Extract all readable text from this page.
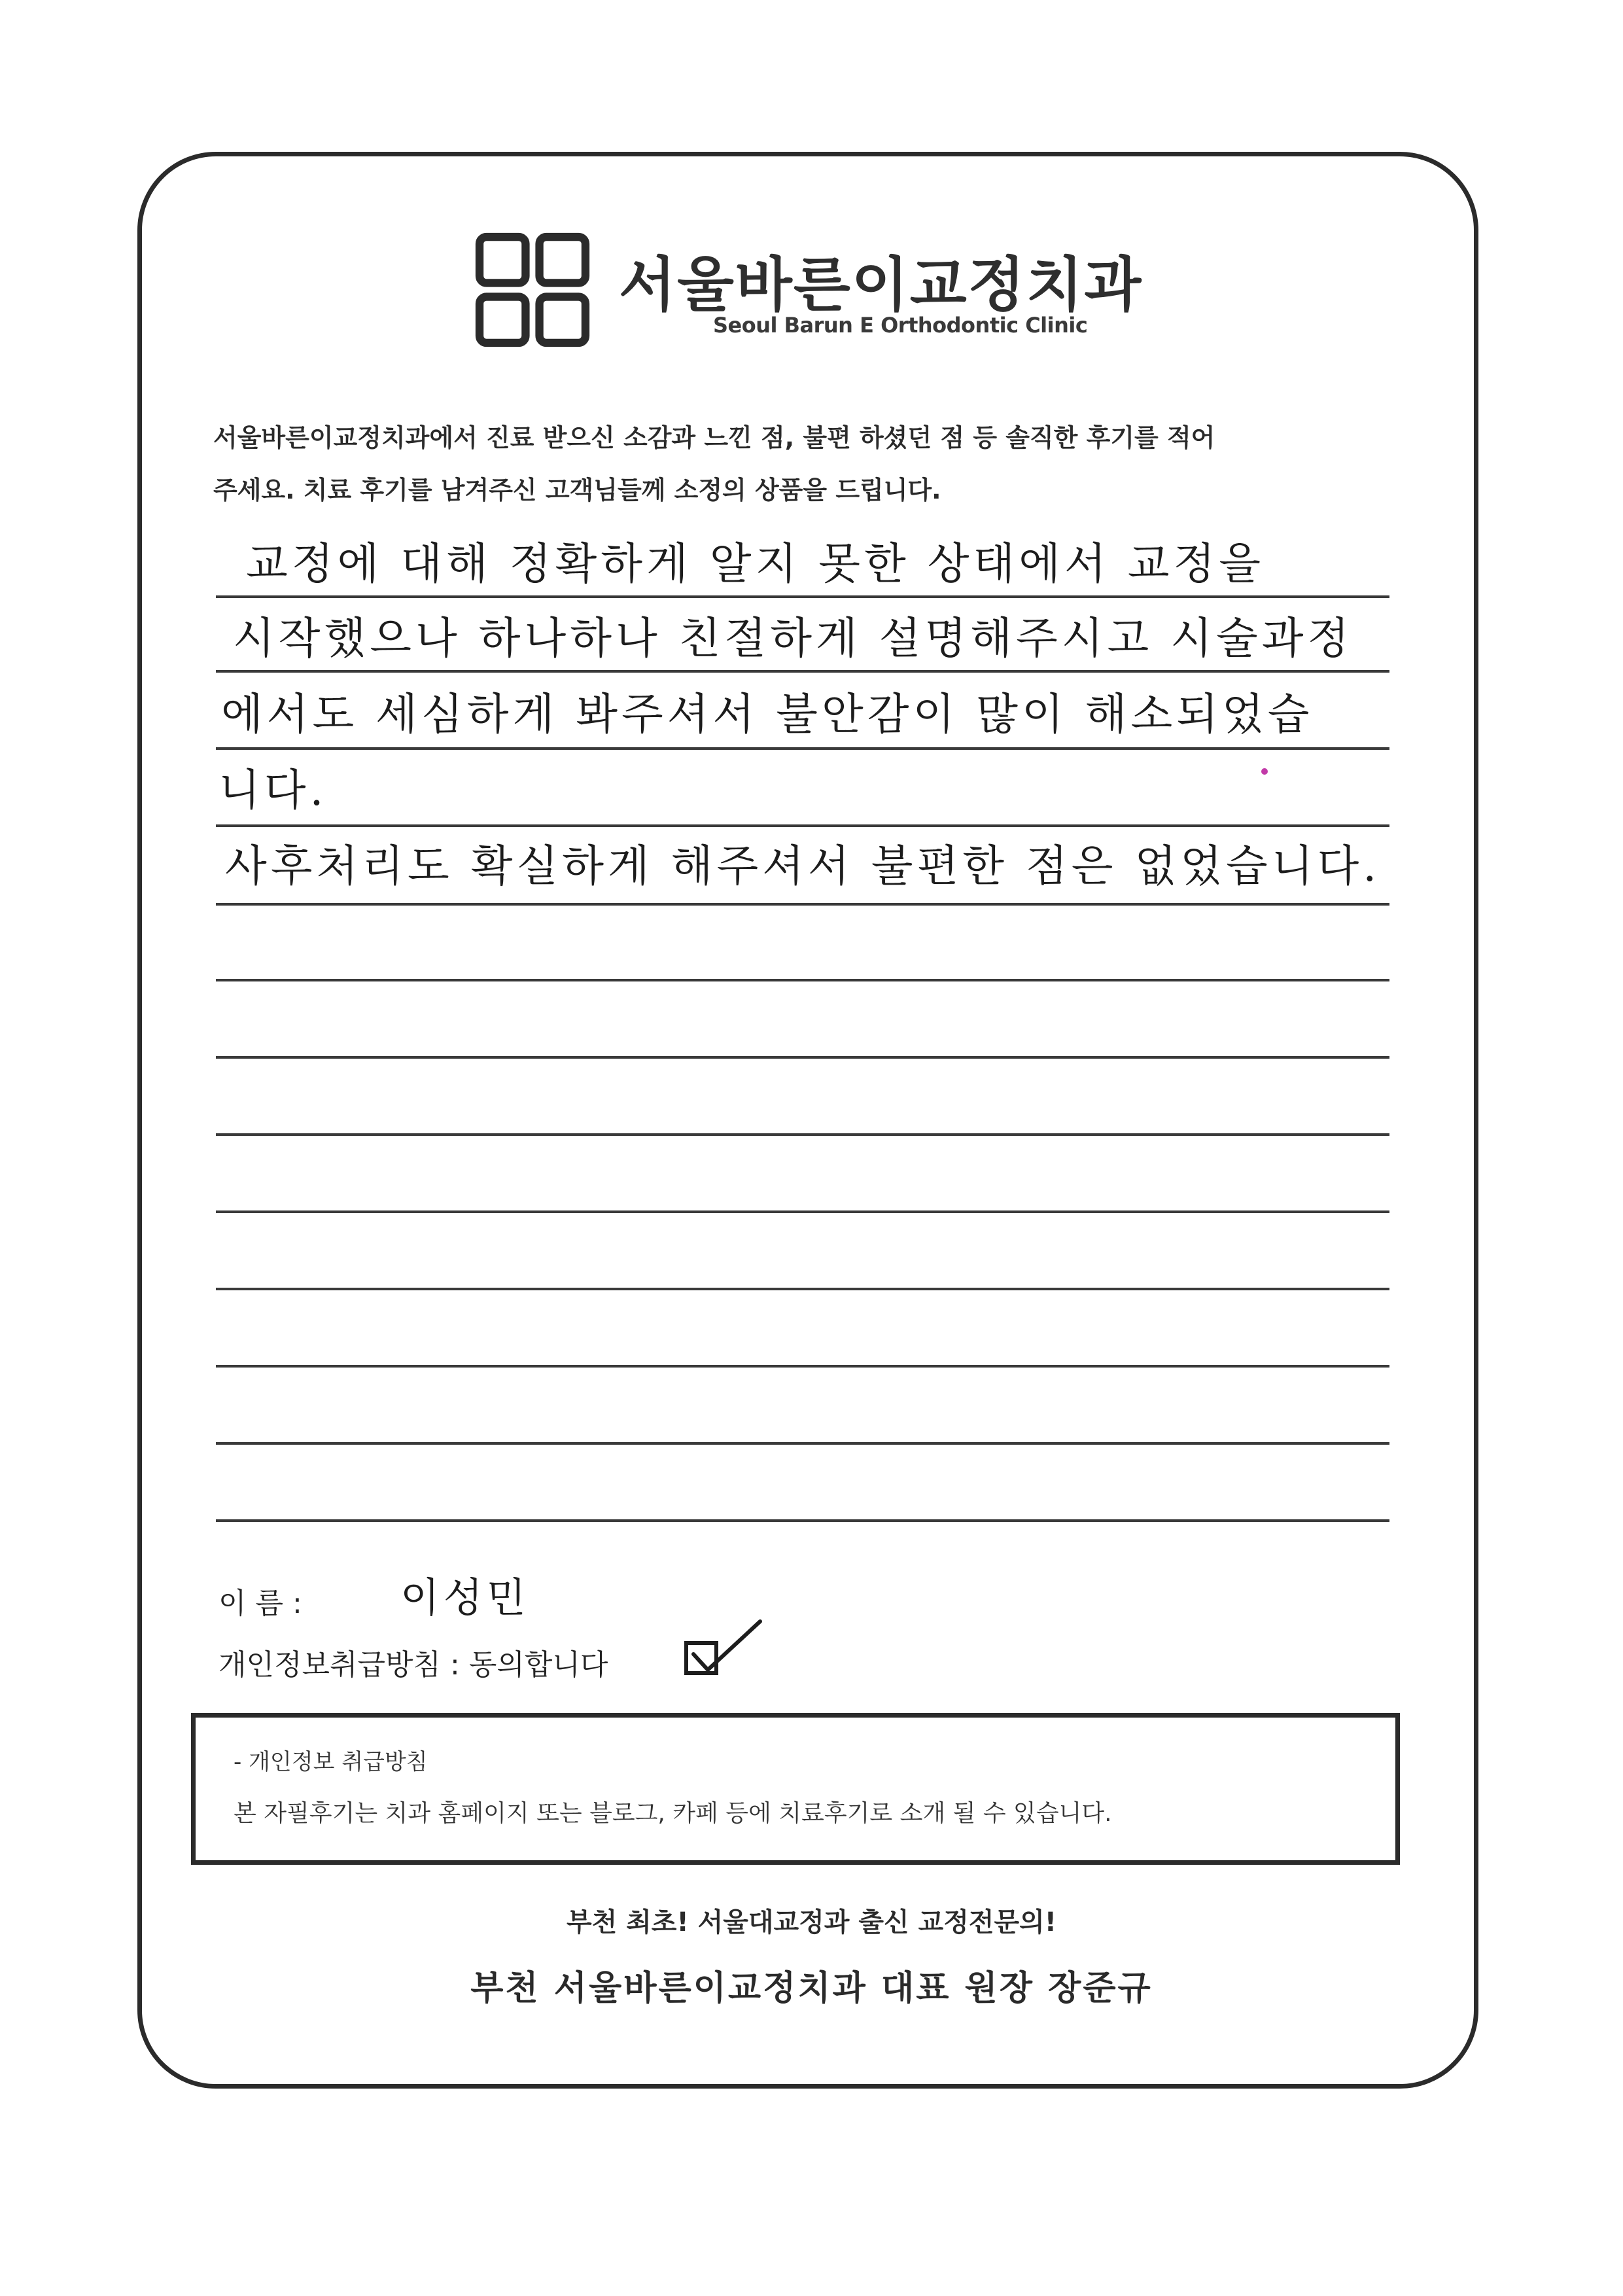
서울바른이교정치과
Seoul Barun E Orthodontic Clinic
서울바른이교정치과에서 진료 받으신 소감과 느낀 점, 불편 하셨던 점 등 솔직한 후기를 적어
주세요. 치료 후기를 남겨주신 고객님들께 소정의 상품을 드립니다.
교정에 대해 정확하게 알지 못한 상태에서 교정을
시작했으나 하나하나 친절하게 설명해주시고 시술과정
에서도 세심하게 봐주셔서 불안감이 많이 해소되었습
니다.
사후처리도 확실하게 해주셔서 불편한 점은 없었습니다.
이 름 : 이성민
개인정보취급방침 : 동의합니다
- 개인정보 취급방침
본 자필후기는 치과 홈페이지 또는 블로그, 카페 등에 치료후기로 소개 될 수 있습니다.
부천 최초! 서울대교정과 출신 교정전문의!
부천 서울바른이교정치과 대표 원장 장준규
